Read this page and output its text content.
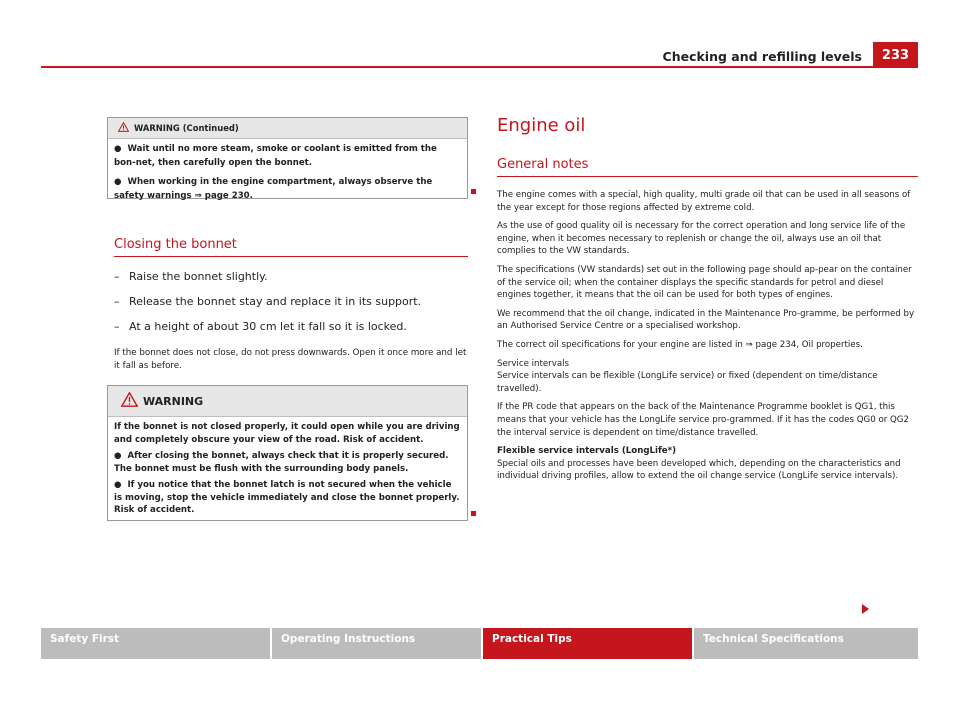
Checking and refilling levels	233
WARNING (Continued)

●  Wait until no more steam, smoke or coolant is emitted from the bon-net, then carefully open the bonnet.

●  When working in the engine compartment, always observe the safety warnings ⇒ page 230.

Closing the bonnet
– Raise the bonnet slightly.
– Release the bonnet stay and replace it in its support.
– At a height of about 30 cm let it fall so it is locked.
If the bonnet does not close, do not press downwards. Open it once more and let it fall as before.
WARNING

If the bonnet is not closed properly, it could open while you are driving and completely obscure your view of the road. Risk of accident.

●  After closing the bonnet, always check that it is properly secured. The bonnet must be flush with the surrounding body panels.

●  If you notice that the bonnet latch is not secured when the vehicle is moving, stop the vehicle immediately and close the bonnet properly. Risk of accident.

Engine oil
General notes

The engine comes with a special, high quality, multi grade oil that can be used in all seasons of the year except for those regions affected by extreme cold.

As the use of good quality oil is necessary for the correct operation and long service life of the engine, when it becomes necessary to replenish or change the oil, always use an oil that complies to the VW standards.

The specifications (VW standards) set out in the following page should ap-pear on the container of the service oil; when the container displays the specific standards for petrol and diesel engines together, it means that the oil can be used for both types of engines.

We recommend that the oil change, indicated in the Maintenance Pro-gramme, be performed by an Authorised Service Centre or a specialised workshop.

The correct oil specifications for your engine are listed in ⇒ page 234, Oil properties.

Service intervals
Service intervals can be flexible (LongLife service) or fixed (dependent on time/distance travelled).

If the PR code that appears on the back of the Maintenance Programme booklet is QG1, this means that your vehicle has the LongLife service pro-grammed. If it has the codes QG0 or QG2 the interval service is dependent on time/distance travelled.

Flexible service intervals (LongLife*)
Special oils and processes have been developed which, depending on the characteristics and individual driving profiles, allow to extend the oil change service (LongLife service intervals).

Safety First	Operating Instructions	Practical Tips	Technical Specifications
